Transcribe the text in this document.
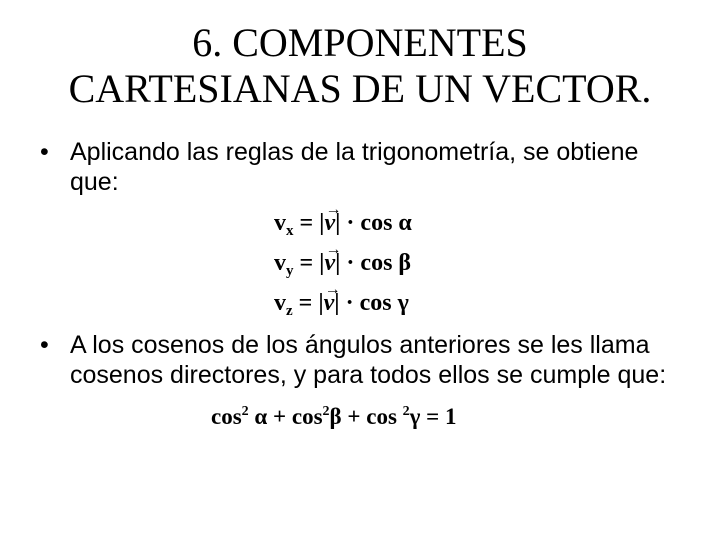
6. COMPONENTES
CARTESIANAS DE UN VECTOR.
• Aplicando las reglas de la trigonometría, se obtiene
que:
$v_x$ = |
→
v| · cos α
$v_y$ = |
→
v| · cos β
$v_z$ = |
→
v| · cos γ
• A los cosenos de los ángulos anteriores se les llama
cosenos directores, y para todos ellos se cumple que:
$\cos^2 \alpha + \cos^2\beta + \cos ^2\gamma = 1$
